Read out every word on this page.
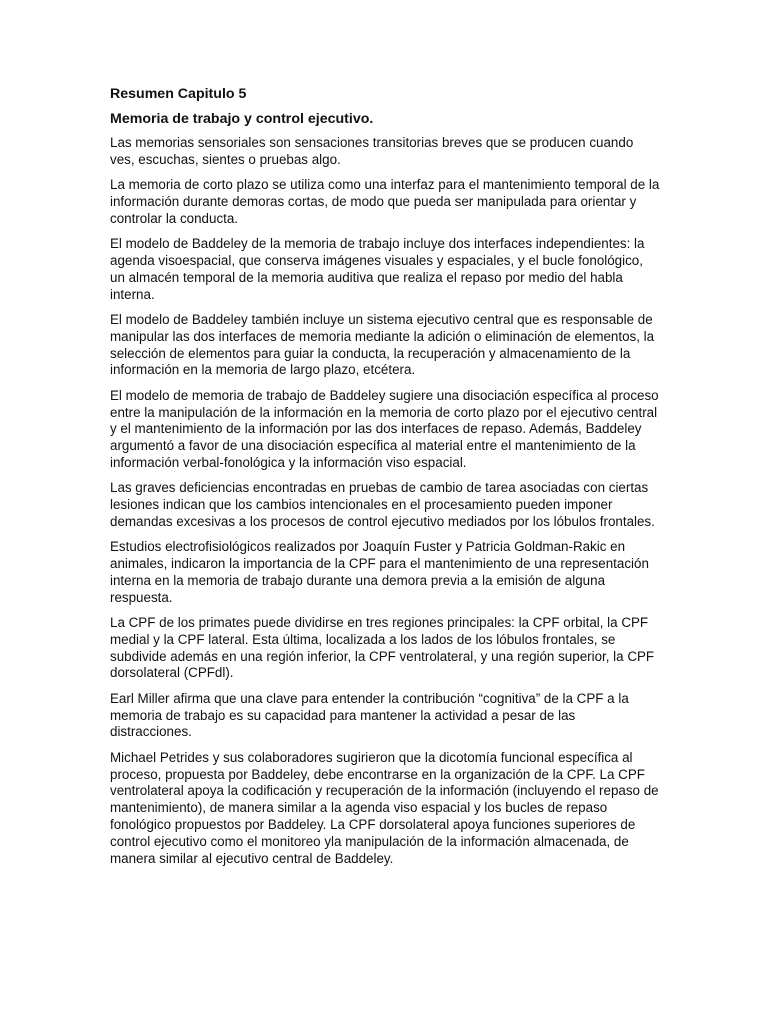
Resumen Capitulo 5
Memoria de trabajo y control ejecutivo.

Las memorias sensoriales son sensaciones transitorias breves que se producen cuando ves, escuchas, sientes o pruebas algo.

La memoria de corto plazo se utiliza como una interfaz para el mantenimiento temporal de la información durante demoras cortas, de modo que pueda ser manipulada para orientar y controlar la conducta.

El modelo de Baddeley de la memoria de trabajo incluye dos interfaces independientes: la agenda visoespacial, que conserva imágenes visuales y espaciales, y el bucle fonológico, un almacén temporal de la memoria auditiva que realiza el repaso por medio del habla interna.

El modelo de Baddeley también incluye un sistema ejecutivo central que es responsable de manipular las dos interfaces de memoria mediante la adición o eliminación de elementos, la selección de elementos para guiar la conducta, la recuperación y almacenamiento de la información en la memoria de largo plazo, etcétera.

El modelo de memoria de trabajo de Baddeley sugiere una disociación específica al proceso entre la manipulación de la información en la memoria de corto plazo por el ejecutivo central y el mantenimiento de la información por las dos interfaces de repaso. Además, Baddeley argumentó a favor de una disociación específica al material entre el mantenimiento de la información verbal-fonológica y la información viso espacial.

Las graves deficiencias encontradas en pruebas de cambio de tarea asociadas con ciertas lesiones indican que los cambios intencionales en el procesamiento pueden imponer demandas excesivas a los procesos de control ejecutivo mediados por los lóbulos frontales.

Estudios electrofisiológicos realizados por Joaquín Fuster y Patricia Goldman-Rakic en animales, indicaron la importancia de la CPF para el mantenimiento de una representación interna en la memoria de trabajo durante una demora previa a la emisión de alguna respuesta.

La CPF de los primates puede dividirse en tres regiones principales: la CPF orbital, la CPF medial y la CPF lateral. Esta última, localizada a los lados de los lóbulos frontales, se subdivide además en una región inferior, la CPF ventrolateral, y una región superior, la CPF dorsolateral (CPFdl).

Earl Miller afirma que una clave para entender la contribución “cognitiva” de la CPF a la memoria de trabajo es su capacidad para mantener la actividad a pesar de las distracciones.

Michael Petrides y sus colaboradores sugirieron que la dicotomía funcional específica al proceso, propuesta por Baddeley, debe encontrarse en la organización de la CPF. La CPF ventrolateral apoya la codificación y recuperación de la información (incluyendo el repaso de mantenimiento), de manera similar a la agenda viso espacial y los bucles de repaso fonológico propuestos por Baddeley. La CPF dorsolateral apoya funciones superiores de control ejecutivo como el monitoreo yla manipulación de la información almacenada, de manera similar al ejecutivo central de Baddeley.
